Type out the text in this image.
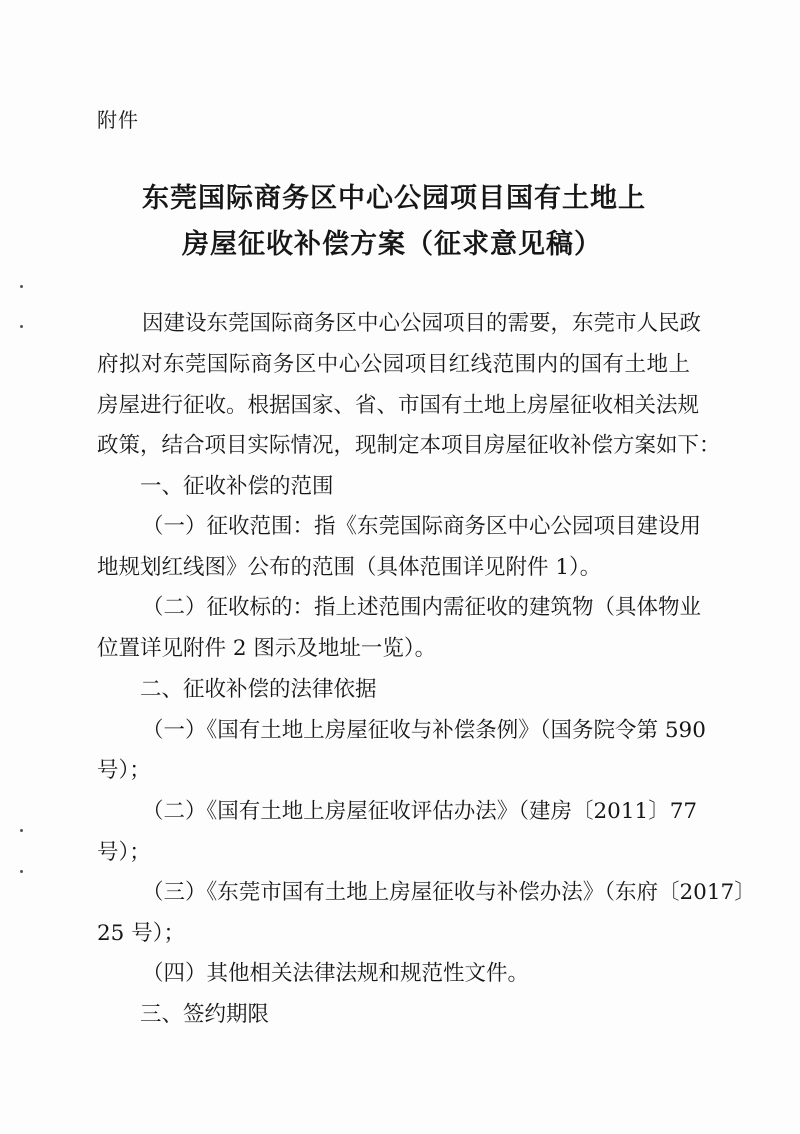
附件
东莞国际商务区中心公园项目国有土地上
房屋征收补偿方案（征求意见稿）
因建设东莞国际商务区中心公园项目的需要，东莞市人民政
府拟对东莞国际商务区中心公园项目红线范围内的国有土地上
房屋进行征收。根据国家、省、市国有土地上房屋征收相关法规
政策，结合项目实际情况，现制定本项目房屋征收补偿方案如下：
一、征收补偿的范围
（一）征收范围：指《东莞国际商务区中心公园项目建设用
地规划红线图》公布的范围（具体范围详见附件 1）。
（二）征收标的：指上述范围内需征收的建筑物（具体物业
位置详见附件 2 图示及地址一览）。
二、征收补偿的法律依据
（一）《国有土地上房屋征收与补偿条例》（国务院令第 590
号）；
（二）《国有土地上房屋征收评估办法》（建房〔2011〕77
号）；
（三）《东莞市国有土地上房屋征收与补偿办法》（东府〔2017〕
25 号）；
（四）其他相关法律法规和规范性文件。
三、签约期限
